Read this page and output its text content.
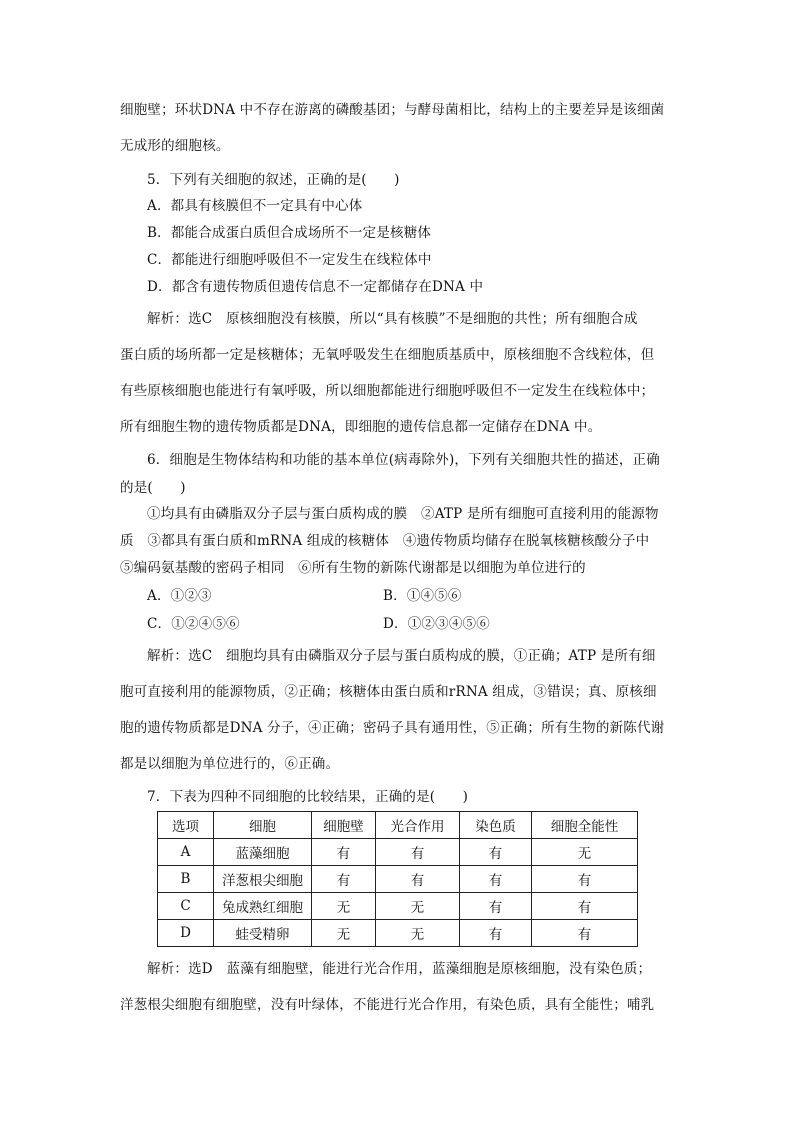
细胞壁；环状DNA 中不存在游离的磷酸基团；与酵母菌相比，结构上的主要差异是该细菌
无成形的细胞核。
5．下列有关细胞的叙述，正确的是(　　)
A．都具有核膜但不一定具有中心体
B．都能合成蛋白质但合成场所不一定是核糖体
C．都能进行细胞呼吸但不一定发生在线粒体中
D．都含有遗传物质但遗传信息不一定都储存在DNA 中
解析：选C　原核细胞没有核膜，所以“具有核膜”不是细胞的共性；所有细胞合成
蛋白质的场所都一定是核糖体；无氧呼吸发生在细胞质基质中，原核细胞不含线粒体，但
有些原核细胞也能进行有氧呼吸，所以细胞都能进行细胞呼吸但不一定发生在线粒体中；
所有细胞生物的遗传物质都是DNA，即细胞的遗传信息都一定储存在DNA 中。
6．细胞是生物体结构和功能的基本单位(病毒除外)，下列有关细胞共性的描述，正确
的是(　　)
①均具有由磷脂双分子层与蛋白质构成的膜　②ATP 是所有细胞可直接利用的能源物
质　③都具有蛋白质和mRNA 组成的核糖体　④遗传物质均储存在脱氧核糖核酸分子中
⑤编码氨基酸的密码子相同　⑥所有生物的新陈代谢都是以细胞为单位进行的
A．①②③	B．①④⑤⑥
C．①②④⑤⑥	D．①②③④⑤⑥
解析：选C　细胞均具有由磷脂双分子层与蛋白质构成的膜，①正确；ATP 是所有细
胞可直接利用的能源物质，②正确；核糖体由蛋白质和rRNA 组成，③错误；真、原核细
胞的遗传物质都是DNA 分子，④正确；密码子具有通用性，⑤正确；所有生物的新陈代谢
都是以细胞为单位进行的，⑥正确。
7．下表为四种不同细胞的比较结果，正确的是(　　)
选项	细胞	细胞壁	光合作用	染色质	细胞全能性
A	蓝藻细胞	有	有	有	无
B	洋葱根尖细胞	有	有	有	有
C	兔成熟红细胞	无	无	有	有
D	蛙受精卵	无	无	有	有
解析：选D　蓝藻有细胞壁，能进行光合作用，蓝藻细胞是原核细胞，没有染色质；
洋葱根尖细胞有细胞壁，没有叶绿体，不能进行光合作用，有染色质，具有全能性；哺乳
